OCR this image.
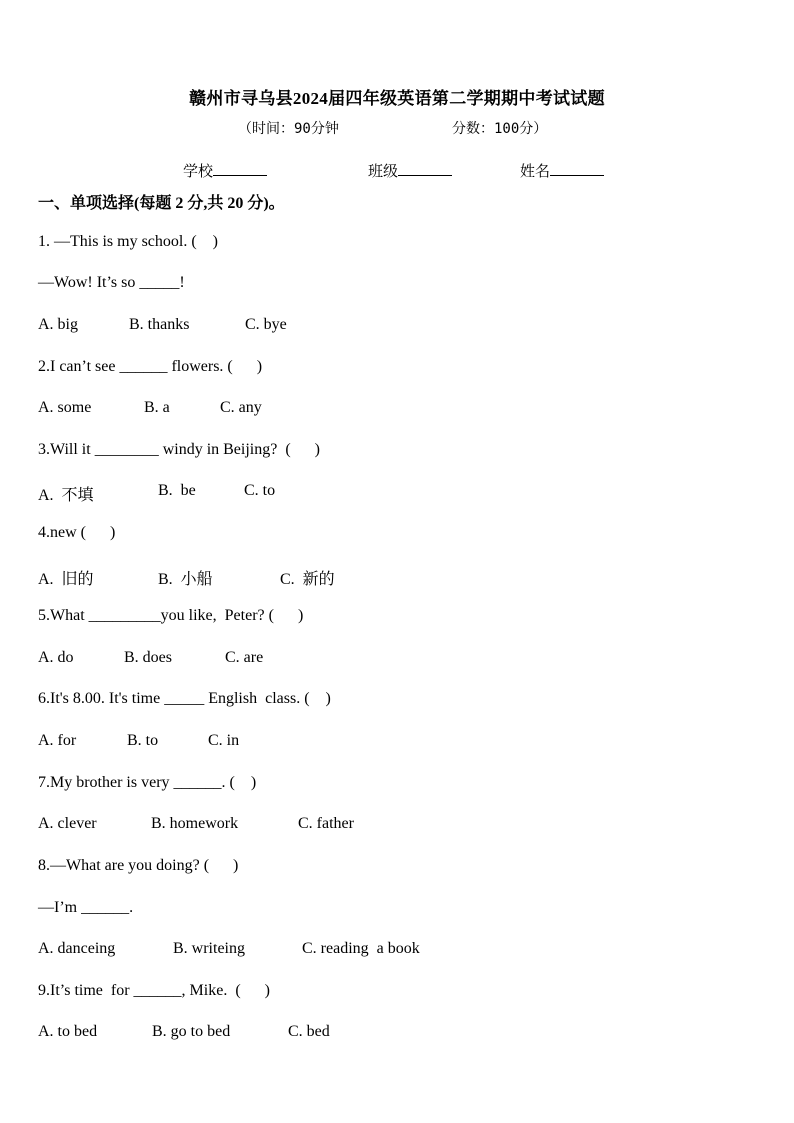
赣州市寻乌县2024届四年级英语第二学期期中考试试题
（时间：90分钟	分数：100分）
学校	班级	姓名
一、单项选择(每题 2 分,共 20 分)。
1. —This is my school. (    )
—Wow! It’s so _____!
A. big	B. thanks	C. bye
2.I can’t see ______ flowers. (      )
A. some	B. a	C. any
3.Will it ________ windy in Beijing?  (      )
A.  不填	B.  be	C. to
4.new (      )
A.  旧的	B.  小船	C.  新的
5.What _________you like,  Peter? (      )
A. do	B. does	C. are
6.It's 8.00. It's time _____ English  class. (    )
A. for	B. to	C. in
7.My brother is very ______. (    )
A. clever	B. homework	C. father
8.—What are you doing? (      )
—I’m ______.
A. danceing	B. writeing	C. reading  a book
9.It’s time  for ______, Mike.  (      )
A. to bed	B. go to bed	C. bed
